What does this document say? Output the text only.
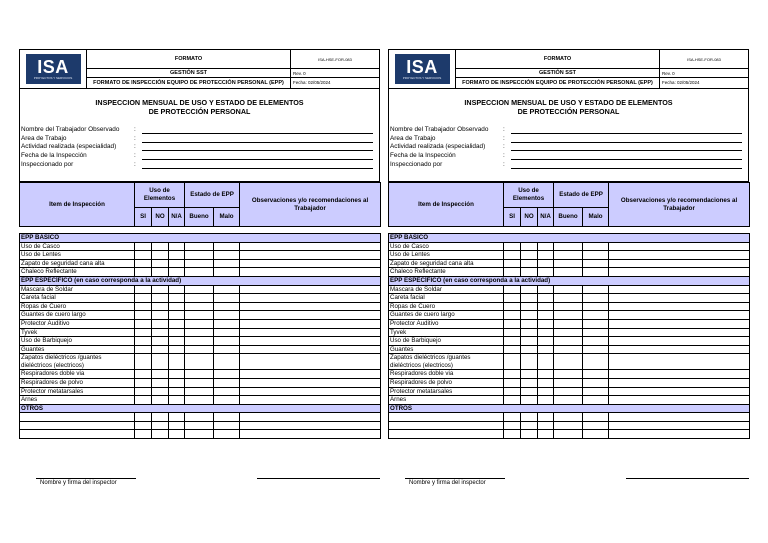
ISA
PROYECTOS Y SERVICIOS
FORMATO
GESTIÓN SST
FORMATO DE INSPECCIÓN EQUIPO DE PROTECCIÓN PERSONAL (EPP)
ISA-HSE-FOR-083
Rev. 0
Fecha: 02/05/2024
INSPECCION MENSUAL DE USO Y ESTADO DE ELEMENTOS
DE PROTECCIÓN PERSONAL
Nombre del Trabajador Observado	:
Area de Trabajo	:
Actividad realizada (especialidad)	:
Fecha de la Inspección	:
Inspeccionado por	:
Item de Inspección	Uso de Elementos			Estado de EPP		Observaciones y/o recomendaciones al Trabajador
	SI	NO	N/A	Bueno	Malo	

EPP BASICO						
Uso de Casco						
Uso de Lentes						
Zapato de seguridad cana alta						
Chaleco Reflectante						
EPP ESPECÍFICO (en caso corresponda a la actividad)						
Mascara de Soldar						
Careta facial						
Ropas de Cuero						
Guantes de cuero largo						
Protector Auditivo						
Tyvek						
Uso de Barbiquejo						
Guantes						
Zapatos dieléctricos /guantes dieléctricos (electricos)						
Respiradores doble via						
Respiradores de polvo						
Protector metatarsales						
Arnes						
OTROS						

ISA
PROYECTOS Y SERVICIOS
FORMATO
GESTIÓN SST
FORMATO DE INSPECCIÓN EQUIPO DE PROTECCIÓN PERSONAL (EPP)
ISA-HSE-FOR-083
Rev. 0
Fecha: 02/05/2024
INSPECCION MENSUAL DE USO Y ESTADO DE ELEMENTOS
DE PROTECCIÓN PERSONAL
Nombre del Trabajador Observado	:
Area de Trabajo	:
Actividad realizada (especialidad)	:
Fecha de la Inspección	:
Inspeccionado por	:
Item de Inspección	Uso de Elementos			Estado de EPP		Observaciones y/o recomendaciones al Trabajador
	SI	NO	N/A	Bueno	Malo	

EPP BASICO						
Uso de Casco						
Uso de Lentes						
Zapato de seguridad cana alta						
Chaleco Reflectante						
EPP ESPECÍFICO (en caso corresponda a la actividad)						
Mascara de Soldar						
Careta facial						
Ropas de Cuero						
Guantes de cuero largo						
Protector Auditivo						
Tyvek						
Uso de Barbiquejo						
Guantes						
Zapatos dieléctricos /guantes dieléctricos (electricos)						
Respiradores doble via						
Respiradores de polvo						
Protector metatarsales						
Arnes						
OTROS						

Nombre y firma del inspector	Nombre y firma del inspector
